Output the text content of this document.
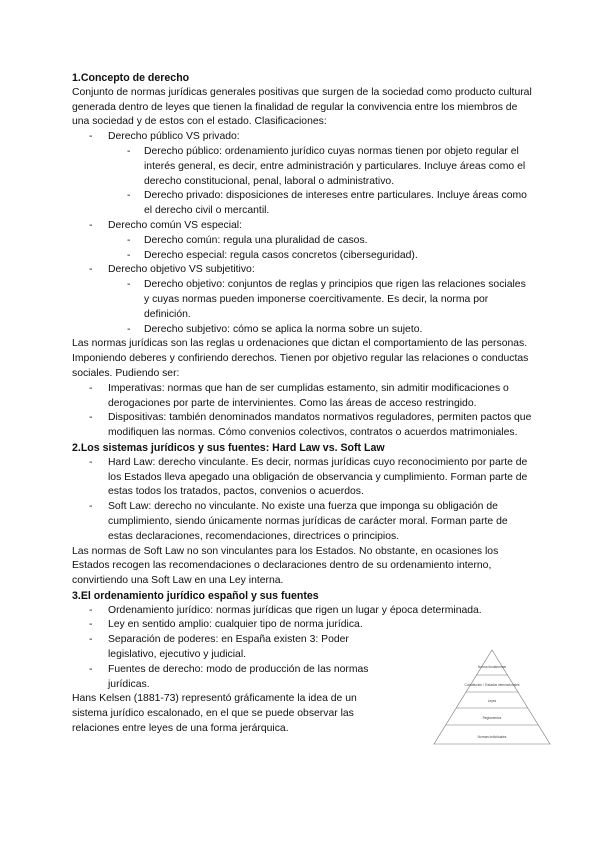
1.Concepto de derecho

Conjunto de normas jurídicas generales positivas que surgen de la sociedad como producto cultural generada dentro de leyes que tienen la finalidad de regular la convivencia entre los miembros de una sociedad y de estos con el estado. Clasificaciones:

- Derecho público VS privado:
- Derecho público: ordenamiento jurídico cuyas normas tienen por objeto regular el interés general, es decir, entre administración y particulares. Incluye áreas como el derecho constitucional, penal, laboral o administrativo.
- Derecho privado: disposiciones de intereses entre particulares. Incluye áreas como el derecho civil o mercantil.
- Derecho común VS especial:
- Derecho común: regula una pluralidad de casos.
- Derecho especial: regula casos concretos (ciberseguridad).
- Derecho objetivo VS subjetitivo:
- Derecho objetivo: conjuntos de reglas y principios que rigen las relaciones sociales y cuyas normas pueden imponerse coercitivamente. Es decir, la norma por definición.
- Derecho subjetivo: cómo se aplica la norma sobre un sujeto.

Las normas jurídicas son las reglas u ordenaciones que dictan el comportamiento de las personas. Imponiendo deberes y confiriendo derechos. Tienen por objetivo regular las relaciones o conductas sociales. Pudiendo ser:

- Imperativas: normas que han de ser cumplidas estamento, sin admitir modificaciones o derogaciones por parte de intervinientes. Como las áreas de acceso restringido.
- Dispositivas: también denominados mandatos normativos reguladores, permiten pactos que modifiquen las normas. Cómo convenios colectivos, contratos o acuerdos matrimoniales.
2.Los sistemas jurídicos y sus fuentes: Hard Law vs. Soft Law
- Hard Law: derecho vinculante. Es decir, normas jurídicas cuyo reconocimiento por parte de los Estados lleva apegado una obligación de observancia y cumplimiento. Forman parte de estas todos los tratados, pactos, convenios o acuerdos.
- Soft Law: derecho no vinculante. No existe una fuerza que imponga su obligación de cumplimiento, siendo únicamente normas jurídicas de carácter moral. Forman parte de estas declaraciones, recomendaciones, directrices o principios.

Las normas de Soft Law no son vinculantes para los Estados. No obstante, en ocasiones los Estados recogen las recomendaciones o declaraciones dentro de su ordenamiento interno, convirtiendo una Soft Law en una Ley interna.

3.El ordenamiento jurídico español y sus fuentes
- Ordenamiento jurídico: normas jurídicas que rigen un lugar y época determinada.
- Ley en sentido amplio: cualquier tipo de norma jurídica.
- Separación de poderes: en España existen 3: Poder legislativo, ejecutivo y judicial.
- Fuentes de derecho: modo de producción de las normas jurídicas.

Hans Kelsen (1881-73) representó gráficamente la idea de un sistema jurídico escalonado, en el que se puede observar las relaciones entre leyes de una forma jerárquica.

Norma fundamental
Constitución / Tratados internacionales
Leyes
Reglamentos
Normas individuales
